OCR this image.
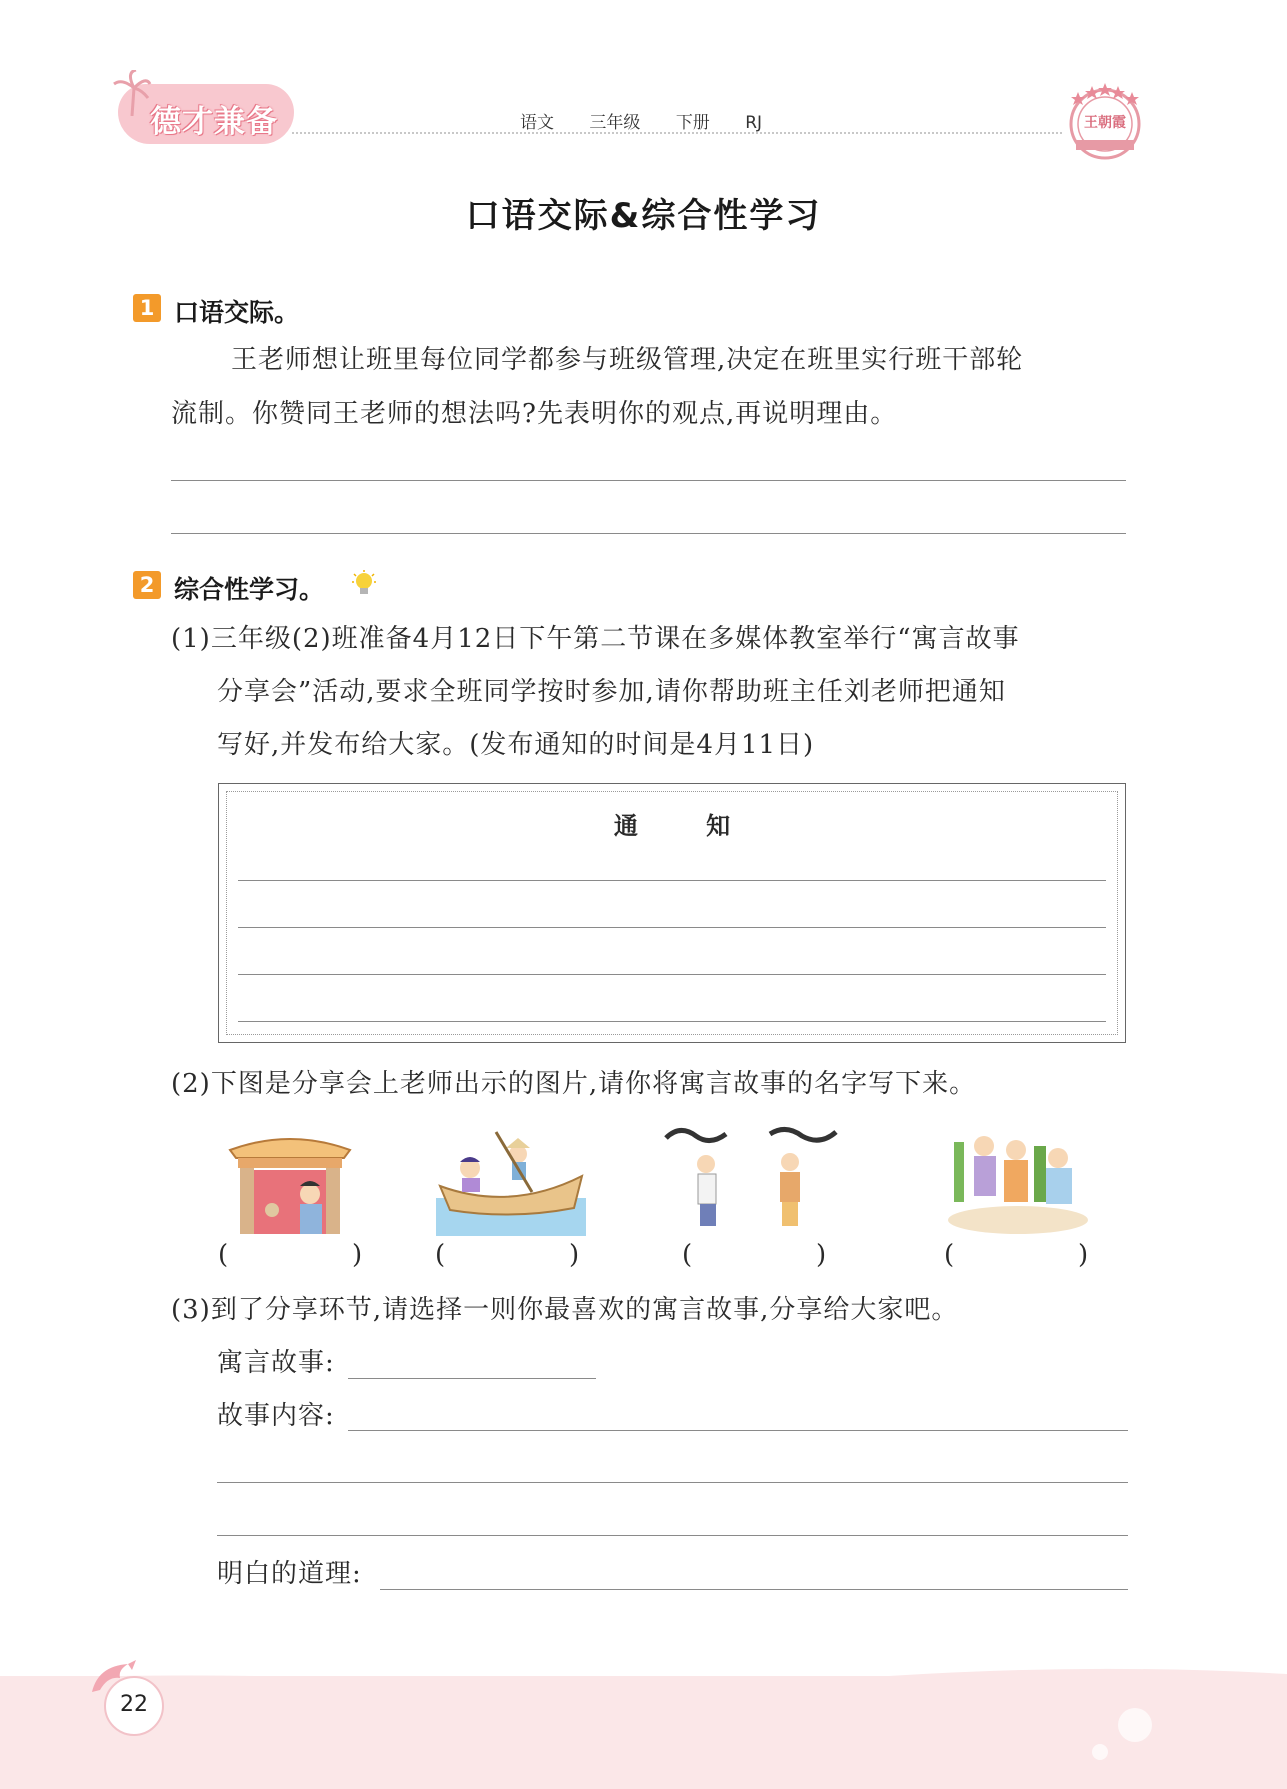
德才兼备	语文 三年级 下册 RJ	王朝霞
口语交际&综合性学习
1 口语交际。
王老师想让班里每位同学都参与班级管理,决定在班里实行班干部轮
流制。你赞同王老师的想法吗?先表明你的观点,再说明理由。
2 综合性学习。
(1)三年级(2)班准备4月12日下午第二节课在多媒体教室举行“寓言故事
分享会”活动,要求全班同学按时参加,请你帮助班主任刘老师把通知
写好,并发布给大家。(发布通知的时间是4月11日)
通 知
(2)下图是分享会上老师出示的图片,请你将寓言故事的名字写下来。
(	)	(	)	(	)	(	)
(3)到了分享环节,请选择一则你最喜欢的寓言故事,分享给大家吧。
寓言故事:
故事内容:
明白的道理:
22
